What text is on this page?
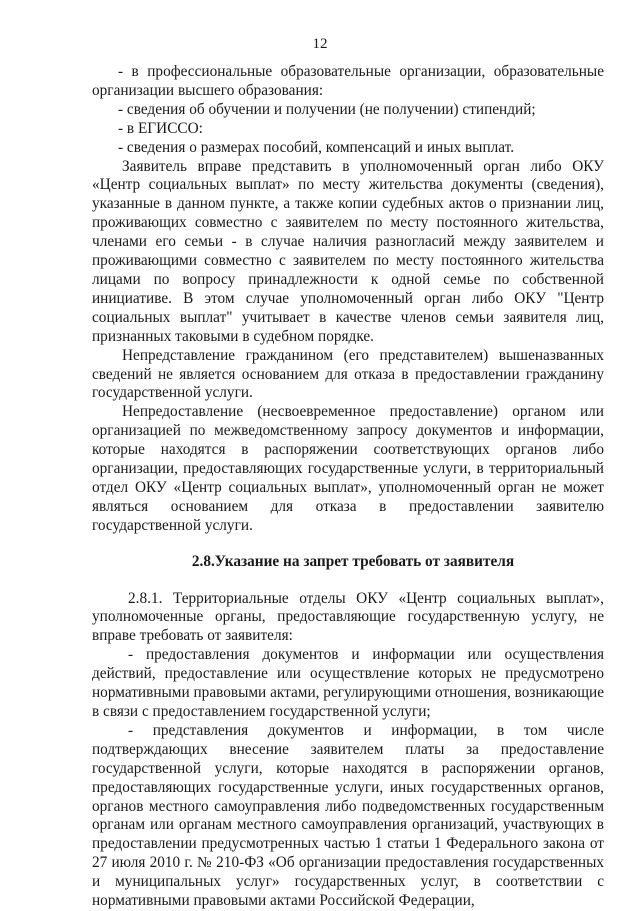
12

- в профессиональные образовательные организации, образовательные организации высшего образования:

- сведения об обучении и получении (не получении) стипендий;

- в ЕГИССО:

- сведения о размерах пособий, компенсаций и иных выплат.

Заявитель вправе представить в уполномоченный орган либо ОКУ «Центр социальных выплат» по месту жительства документы (сведения), указанные в данном пункте, а также копии судебных актов о признании лиц, проживающих совместно с заявителем по месту постоянного жительства, членами его семьи - в случае наличия разногласий между заявителем и проживающими совместно с заявителем по месту постоянного жительства лицами по вопросу принадлежности к одной семье по собственной инициативе. В этом случае уполномоченный орган либо ОКУ "Центр социальных выплат" учитывает в качестве членов семьи заявителя лиц, признанных таковыми в судебном порядке.

Непредставление гражданином (его представителем) вышеназванных сведений не является основанием для отказа в предоставлении гражданину государственной услуги.

Непредоставление (несвоевременное предоставление) органом или организацией по межведомственному запросу документов и информации, которые находятся в распоряжении соответствующих органов либо организации, предоставляющих государственные услуги, в территориальный отдел ОКУ «Центр социальных выплат», уполномоченный орган не может являться основанием для отказа в предоставлении заявителю государственной услуги.

2.8.Указание на запрет требовать от заявителя

2.8.1. Территориальные отделы ОКУ «Центр социальных выплат», уполномоченные органы, предоставляющие государственную услугу, не вправе требовать от заявителя:

- предоставления документов и информации или осуществления действий, предоставление или осуществление которых не предусмотрено нормативными правовыми актами, регулирующими отношения, возникающие в связи с предоставлением государственной услуги;

- представления документов и информации, в том числе подтверждающих внесение заявителем платы за предоставление государственной услуги, которые находятся в распоряжении органов, предоставляющих государственные услуги, иных государственных органов, органов местного самоуправления либо подведомственных государственным органам или органам местного самоуправления организаций, участвующих в предоставлении предусмотренных частью 1 статьи 1 Федерального закона от 27 июля 2010 г. № 210-ФЗ «Об организации предоставления государственных и муниципальных услуг» государственных услуг, в соответствии с нормативными правовыми актами Российской Федерации,
